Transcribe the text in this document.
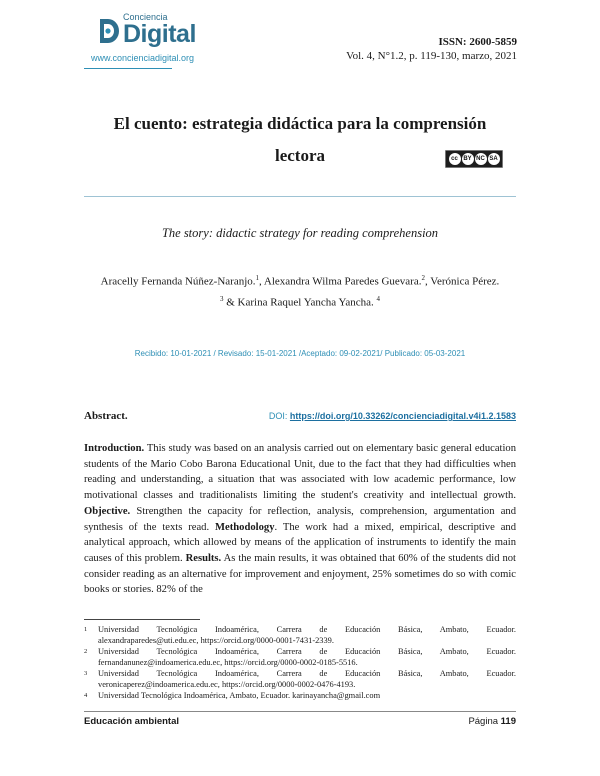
Conciencia
Digital
www.concienciadigital.org
ISSN: 2600-5859
Vol. 4, N°1.2, p. 119-130, marzo, 2021
El cuento: estrategia didáctica para la comprensión
lectora	cc BY NC SA
The story: didactic strategy for reading comprehension
Aracelly Fernanda Núñez-Naranjo.$^1$, Alexandra Wilma Paredes Guevara.$^2$, Verónica Pérez.
$^3$ & Karina Raquel Yancha Yancha. $^4$
Recibido: 10-01-2021 / Revisado: 15-01-2021 /Aceptado: 09-02-2021/ Publicado: 05-03-2021
Abstract.	DOI: https://doi.org/10.33262/concienciadigital.v4i1.2.1583
Introduction. This study was based on an analysis carried out on elementary basic general education students of the Mario Cobo Barona Educational Unit, due to the fact that they had difficulties when reading and understanding, a situation that was associated with low academic performance, low motivational classes and traditionalists limiting the student's creativity and intellectual growth. Objective. Strengthen the capacity for reflection, analysis, comprehension, argumentation and synthesis of the texts read. Methodology. The work had a mixed, empirical, descriptive and analytical approach, which allowed by means of the application of instruments to identify the main causes of this problem. Results. As the main results, it was obtained that 60% of the students did not consider reading as an alternative for improvement and enjoyment, 25% sometimes do so with comic books or stories. 82% of the
1	Universidad Tecnológica Indoamérica, Carrera de Educación Básica, Ambato, Ecuador.
alexandraparedes@uti.edu.ec, https://orcid.org/0000-0001-7431-2339.
2	Universidad Tecnológica Indoamérica, Carrera de Educación Básica, Ambato, Ecuador.
fernandanunez@indoamerica.edu.ec, https://orcid.org/0000-0002-0185-5516.
3	Universidad Tecnológica Indoamérica, Carrera de Educación Básica, Ambato, Ecuador.
veronicaperez@indoamerica.edu.ec, https://orcid.org/0000-0002-0476-4193.
4	Universidad Tecnológica Indoamérica, Ambato, Ecuador. karinayancha@gmail.com
Educación ambiental	Página 119
